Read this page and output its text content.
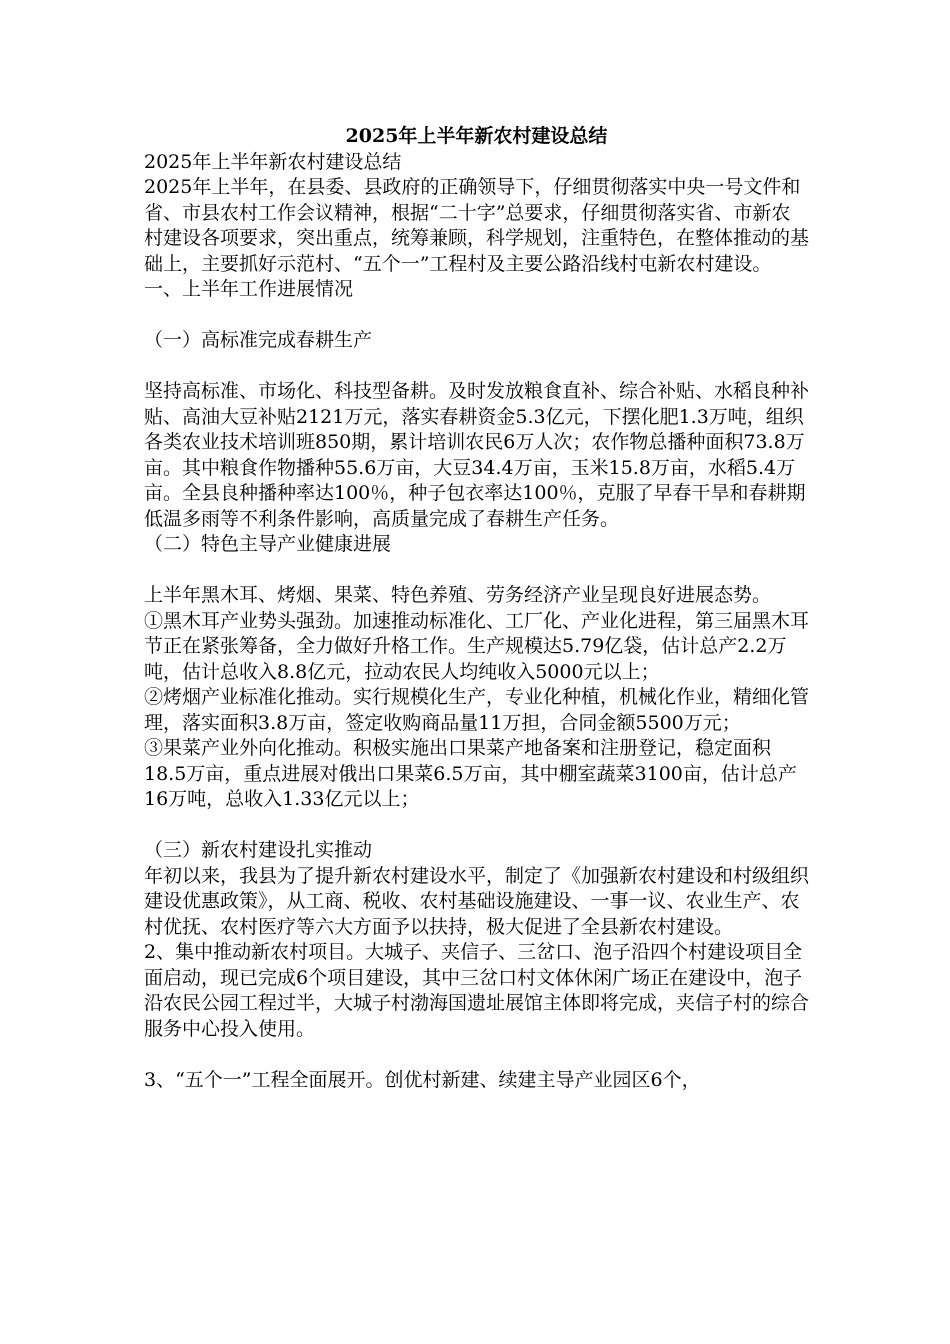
2025年上半年新农村建设总结
2025年上半年新农村建设总结
2025年上半年，在县委、县政府的正确领导下，仔细贯彻落实中央一号文件和省、市县农村工作会议精神，根据“二十字”总要求，仔细贯彻落实省、市新农村建设各项要求，突出重点，统筹兼顾，科学规划，注重特色，在整体推动的基础上，主要抓好示范村、“五个一”工程村及主要公路沿线村屯新农村建设。
一、上半年工作进展情况
（一）高标准完成春耕生产
坚持高标准、市场化、科技型备耕。及时发放粮食直补、综合补贴、水稻良种补贴、高油大豆补贴2121万元，落实春耕资金5.3亿元，下摆化肥1.3万吨，组织各类农业技术培训班850期，累计培训农民6万人次；农作物总播种面积73.8万亩。其中粮食作物播种55.6万亩，大豆34.4万亩，玉米15.8万亩，水稻5.4万亩。全县良种播种率达100％，种子包衣率达100％，克服了早春干旱和春耕期低温多雨等不利条件影响，高质量完成了春耕生产任务。
（二）特色主导产业健康进展
上半年黑木耳、烤烟、果菜、特色养殖、劳务经济产业呈现良好进展态势。
①黑木耳产业势头强劲。加速推动标准化、工厂化、产业化进程，第三届黑木耳节正在紧张筹备，全力做好升格工作。生产规模达5.79亿袋，估计总产2.2万吨，估计总收入8.8亿元，拉动农民人均纯收入5000元以上；
②烤烟产业标准化推动。实行规模化生产，专业化种植，机械化作业，精细化管理，落实面积3.8万亩，签定收购商品量11万担，合同金额5500万元；
③果菜产业外向化推动。积极实施出口果菜产地备案和注册登记，稳定面积18.5万亩，重点进展对俄出口果菜6.5万亩，其中棚室蔬菜3100亩，估计总产16万吨，总收入1.33亿元以上；
（三）新农村建设扎实推动
年初以来，我县为了提升新农村建设水平，制定了《加强新农村建设和村级组织建设优惠政策》，从工商、税收、农村基础设施建设、一事一议、农业生产、农村优抚、农村医疗等六大方面予以扶持，极大促进了全县新农村建设。
2、集中推动新农村项目。大城子、夹信子、三岔口、泡子沿四个村建设项目全面启动，现已完成6个项目建设，其中三岔口村文体休闲广场正在建设中，泡子沿农民公园工程过半，大城子村渤海国遗址展馆主体即将完成，夹信子村的综合服务中心投入使用。
3、“五个一”工程全面展开。创优村新建、续建主导产业园区6个，
